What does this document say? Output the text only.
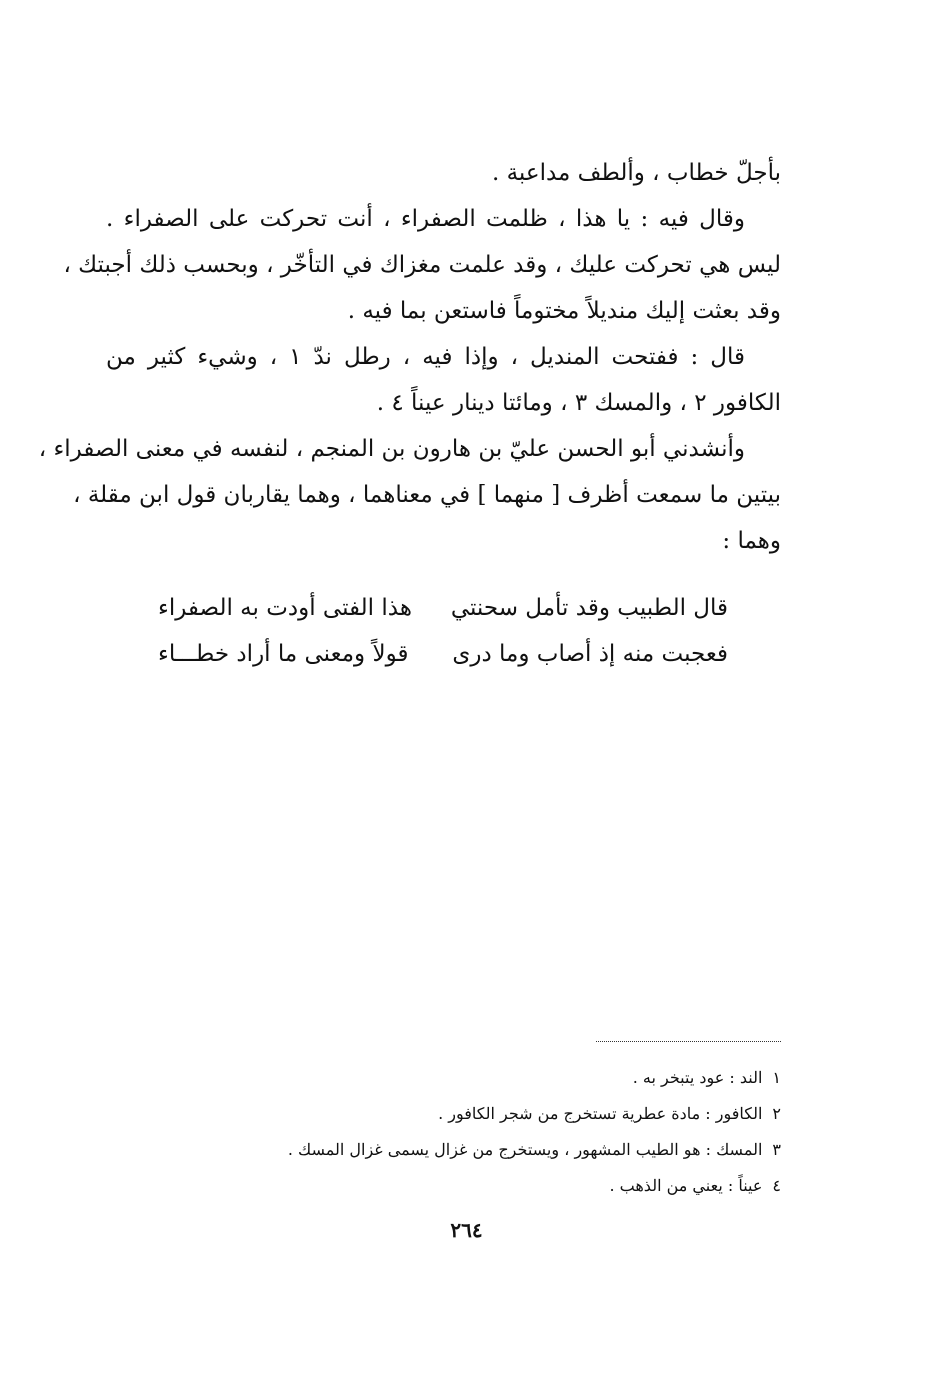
بأجلّ خطاب ، وألطف مداعبة .
وقال فيه : يا هذا ، ظلمت الصفراء ، أنت تحركت على الصفراء .
ليس هي تحركت عليك ، وقد علمت مغزاك في التأخّر ، وبحسب ذلك أجبتك ،
وقد بعثت إليك منديلاً مختوماً فاستعن بما فيه .
قال : ففتحت المنديل ، وإذا فيه ، رطل ندّ ١ ، وشيء كثير من
الكافور ٢ ، والمسك ٣ ، ومائتا دينار عيناً ٤ .
وأنشدني أبو الحسن عليّ بن هارون بن المنجم ، لنفسه في معنى الصفراء ،
بيتين ما سمعت أظرف [ منهما ] في معناهما ، وهما يقاربان قول ابن مقلة ،
وهما :
قال الطبيب وقد تأمل سحنتي
هذا الفتى أودت به الصفراء
فعجبت منه إذ أصاب وما درى
قولاً ومعنى ما أراد خطـــاء
١الند : عود يتبخر به .
٢الكافور : مادة عطرية تستخرج من شجر الكافور .
٣المسك : هو الطيب المشهور ، ويستخرج من غزال يسمى غزال المسك .
٤عيناً : يعني من الذهب .
٢٦٤
